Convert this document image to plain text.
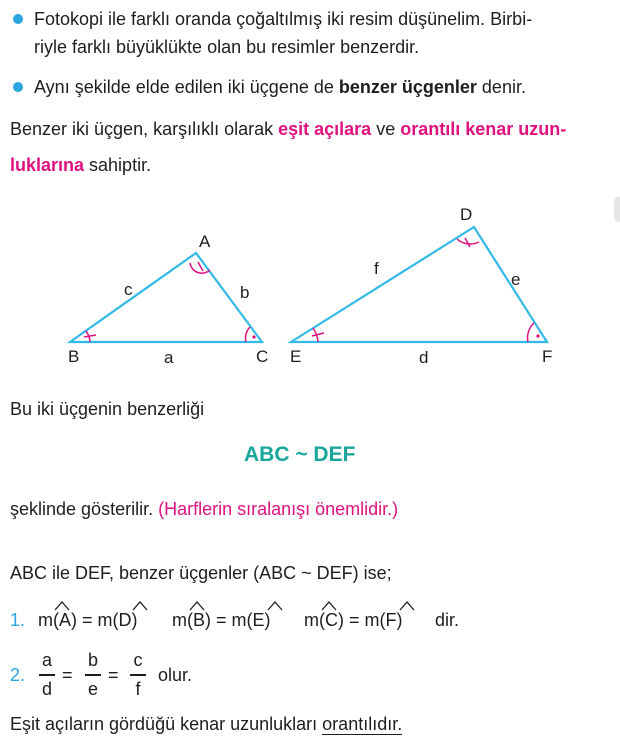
Fotokopi ile farklı oranda çoğaltılmış iki resim düşünelim. Birbi-
riyle farklı büyüklükte olan bu resimler benzerdir.
Aynı şekilde elde edilen iki üçgene de benzer üçgenler denir.
Benzer iki üçgen, karşılıklı olarak eşit açılara ve orantılı kenar uzun-
luklarına sahiptir.
A
B	C
c	b
a
D
E	F
f
e
d
Bu iki üçgenin benzerliği
ABC ~ DEF
şeklinde gösterilir. (Harflerin sıralanışı önemlidir.)
ABC ile DEF, benzer üçgenler (ABC ~ DEF) ise;
1. m(A) = m(D) m(B) = m(E) m(C) = m(F) dir.
2.
a
d
=
b
e
=
c
f
olur.
Eşit açıların gördüğü kenar uzunlukları orantılıdır.
